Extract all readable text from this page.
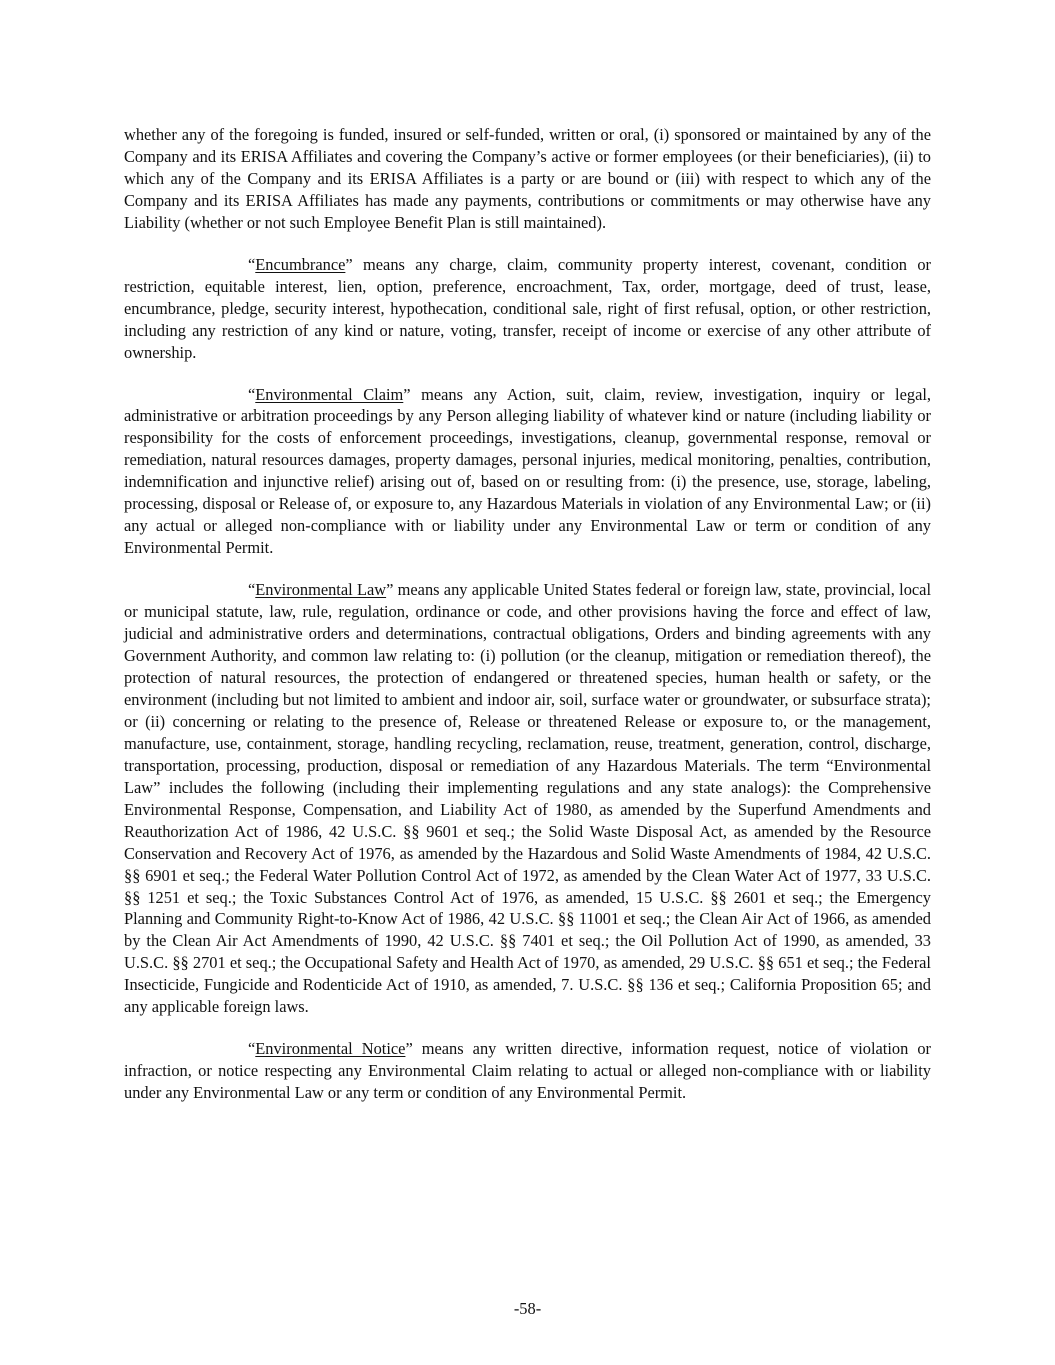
whether any of the foregoing is funded, insured or self-funded, written or oral, (i) sponsored or maintained by any of the Company and its ERISA Affiliates and covering the Company’s active or former employees (or their beneficiaries), (ii) to which any of the Company and its ERISA Affiliates is a party or are bound or (iii) with respect to which any of the Company and its ERISA Affiliates has made any payments, contributions or commitments or may otherwise have any Liability (whether or not such Employee Benefit Plan is still maintained).

“Encumbrance” means any charge, claim, community property interest, covenant, condition or restriction, equitable interest, lien, option, preference, encroachment, Tax, order, mortgage, deed of trust, lease, encumbrance, pledge, security interest, hypothecation, conditional sale, right of first refusal, option, or other restriction, including any restriction of any kind or nature, voting, transfer, receipt of income or exercise of any other attribute of ownership.

“Environmental Claim” means any Action, suit, claim, review, investigation, inquiry or legal, administrative or arbitration proceedings by any Person alleging liability of whatever kind or nature (including liability or responsibility for the costs of enforcement proceedings, investigations, cleanup, governmental response, removal or remediation, natural resources damages, property damages, personal injuries, medical monitoring, penalties, contribution, indemnification and injunctive relief) arising out of, based on or resulting from: (i) the presence, use, storage, labeling, processing, disposal or Release of, or exposure to, any Hazardous Materials in violation of any Environmental Law; or (ii) any actual or alleged non-compliance with or liability under any Environmental Law or term or condition of any Environmental Permit.

“Environmental Law” means any applicable United States federal or foreign law, state, provincial, local or municipal statute, law, rule, regulation, ordinance or code, and other provisions having the force and effect of law, judicial and administrative orders and determinations, contractual obligations, Orders and binding agreements with any Government Authority, and common law relating to: (i) pollution (or the cleanup, mitigation or remediation thereof), the protection of natural resources, the protection of endangered or threatened species, human health or safety, or the environment (including but not limited to ambient and indoor air, soil, surface water or groundwater, or subsurface strata); or (ii) concerning or relating to the presence of, Release or threatened Release or exposure to, or the management, manufacture, use, containment, storage, handling recycling, reclamation, reuse, treatment, generation, control, discharge, transportation, processing, production, disposal or remediation of any Hazardous Materials. The term “Environmental Law” includes the following (including their implementing regulations and any state analogs): the Comprehensive Environmental Response, Compensation, and Liability Act of 1980, as amended by the Superfund Amendments and Reauthorization Act of 1986, 42 U.S.C. §§ 9601 et seq.; the Solid Waste Disposal Act, as amended by the Resource Conservation and Recovery Act of 1976, as amended by the Hazardous and Solid Waste Amendments of 1984, 42 U.S.C. §§ 6901 et seq.; the Federal Water Pollution Control Act of 1972, as amended by the Clean Water Act of 1977, 33 U.S.C. §§ 1251 et seq.; the Toxic Substances Control Act of 1976, as amended, 15 U.S.C. §§ 2601 et seq.; the Emergency Planning and Community Right-to-Know Act of 1986, 42 U.S.C. §§ 11001 et seq.; the Clean Air Act of 1966, as amended by the Clean Air Act Amendments of 1990, 42 U.S.C. §§ 7401 et seq.; the Oil Pollution Act of 1990, as amended, 33 U.S.C. §§ 2701 et seq.; the Occupational Safety and Health Act of 1970, as amended, 29 U.S.C. §§ 651 et seq.; the Federal Insecticide, Fungicide and Rodenticide Act of 1910, as amended, 7. U.S.C. §§ 136 et seq.; California Proposition 65; and any applicable foreign laws.

“Environmental Notice” means any written directive, information request, notice of violation or infraction, or notice respecting any Environmental Claim relating to actual or alleged non-compliance with or liability under any Environmental Law or any term or condition of any Environmental Permit.

-58-
